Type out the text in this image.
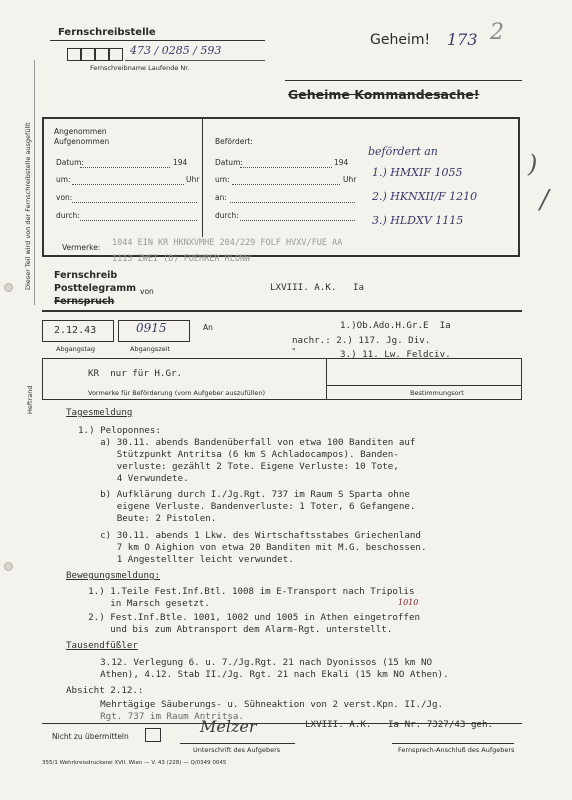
Dieser Teil wird von der Fernschreibstelle ausgefüllt
Heftrand
Fernschreibstelle
473 / 0285 / 593
Fernschreibname Laufende Nr.
Geheim! 173 2
Geheime Kommandesache!
Angenommen
Aufgenommen
Datum:	194
um:	Uhr
von:
durch:
Befördert:
Datum:	194
um:	Uhr
an:
durch:
befördert an
1.) HMXIF 1055
2.) HKNXII/F 1210
3.) HLDXV 1115
)
/
Vermerke: 1044 EIN KR HKNXVMHE 204/229 FOLF HVXV/FUE AA
1113 ZWEI (D) FUEHRER RLONW
Fernschreib
Posttelegramm von
Fernspruch
LXVIII. A.K.   Ia
2.12.43
Abgangstag
0915
Abgangszeit
An	1.)Ob.Ado.H.Gr.E  Ia
nachr.: 2.) 117. Jg. Div.
3.) 11. Lw. Feldciv.
"
KR  nur für H.Gr.
Vormerke für Beförderung (vom Aufgeber auszufüllen)	Bestimmungsort
Tagesmeldung
1.) Peloponnes:
a) 30.11. abends Bandenüberfall von etwa 100 Banditen auf
Stützpunkt Antritsa (6 km S Achladocampos). Banden-
verluste: gezählt 2 Tote. Eigene Verluste: 10 Tote,
4 Verwundete.
b) Aufklärung durch I./Jg.Rgt. 737 im Raum S Sparta ohne
eigene Verluste. Bandenverluste: 1 Toter, 6 Gefangene.
Beute: 2 Pistolen.
c) 30.11. abends 1 Lkw. des Wirtschaftsstabes Griechenland
7 km O Aighion von etwa 20 Banditen mit M.G. beschossen.
1 Angestellter leicht verwundet.
Bewegungsmeldung:
1.) 1.Teile Fest.Inf.Btl. 1008 im E-Transport nach Tripolis
in Marsch gesetzt.
2.) Fest.Inf.Btle. 1001, 1002 und 1005 in Athen eingetroffen
und bis zum Abtransport dem Alarm-Rgt. unterstellt.
1010
Tausendfüßler
3.12. Verlegung 6. u. 7./Jg.Rgt. 21 nach Dyonissos (15 km NO
Athen), 4.12. Stab II./Jg. Rgt. 21 nach Ekali (15 km NO Athen).
Absicht 2.12.:
Mehrtägige Säuberungs- u. Sühneaktion von 2 verst.Kpn. II./Jg.
Rgt. 737 im Raum Antritsa.
Nicht zu übermitteln
Melzer
Unterschrift des Aufgebers
LXVIII. A.K.   Ia Nr. 7327/43 geh.
Fernsprech-Anschluß des Aufgebers
355/1 Wehrkreisdruckerei XVII. Wien — V. 43 (228) — Q/0349 0045
